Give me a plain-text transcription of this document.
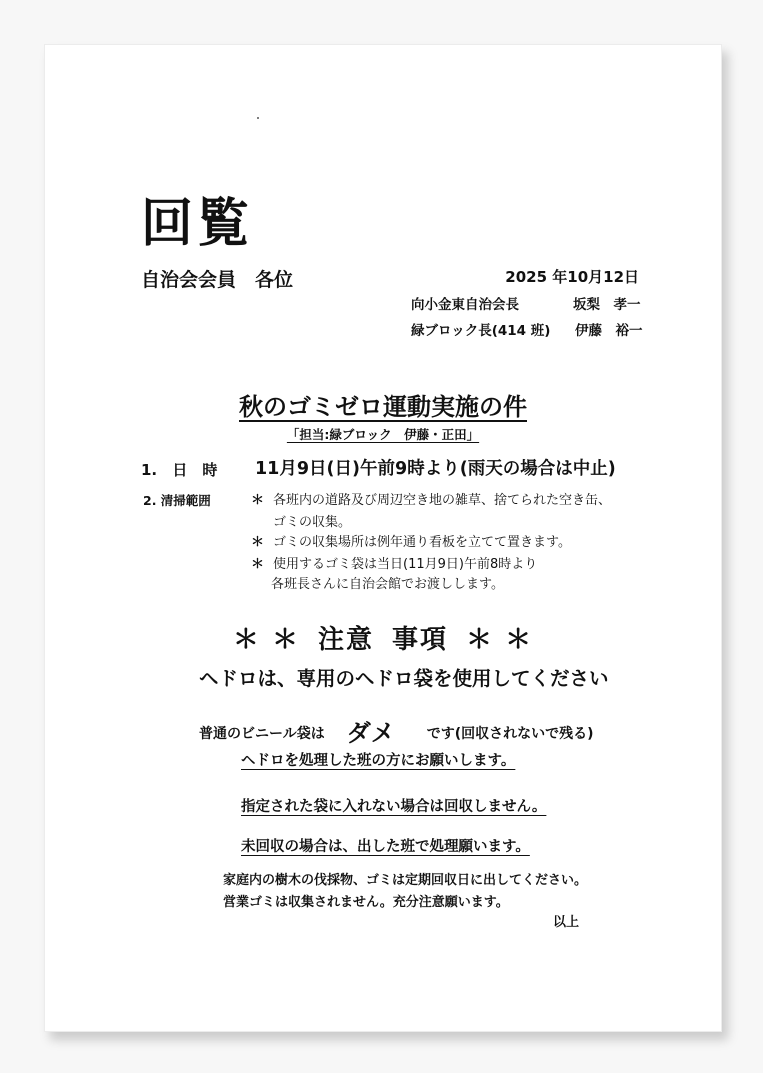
回覧
自治会会員　各位	2025 年10月12日
向小金東自治会長	坂梨　孝一
緑ブロック長(414 班) 伊藤　裕一
秋のゴミゼロ運動実施の件
「担当:緑ブロック　伊藤・正田」
1. 日　時 11月9日(日)午前9時より(雨天の場合は中止)
2. 清掃範囲	＊ 各班内の道路及び周辺空き地の雑草、捨てられた空き缶、
ゴミの収集。
＊ ゴミの収集場所は例年通り看板を立てて置きます。
＊ 使用するゴミ袋は当日(11月9日)午前8時より
各班長さんに自治会館でお渡しします。
＊ ＊ 注意 事項 ＊ ＊
ヘドロは、専用のヘドロ袋を使用してください
普通のビニール袋は ダメ です(回収されないで残る)
ヘドロを処理した班の方にお願いします。
指定された袋に入れない場合は回収しません。
未回収の場合は、出した班で処理願います。
家庭内の樹木の伐採物、ゴミは定期回収日に出してください。
営業ゴミは収集されません。充分注意願います。
以上
